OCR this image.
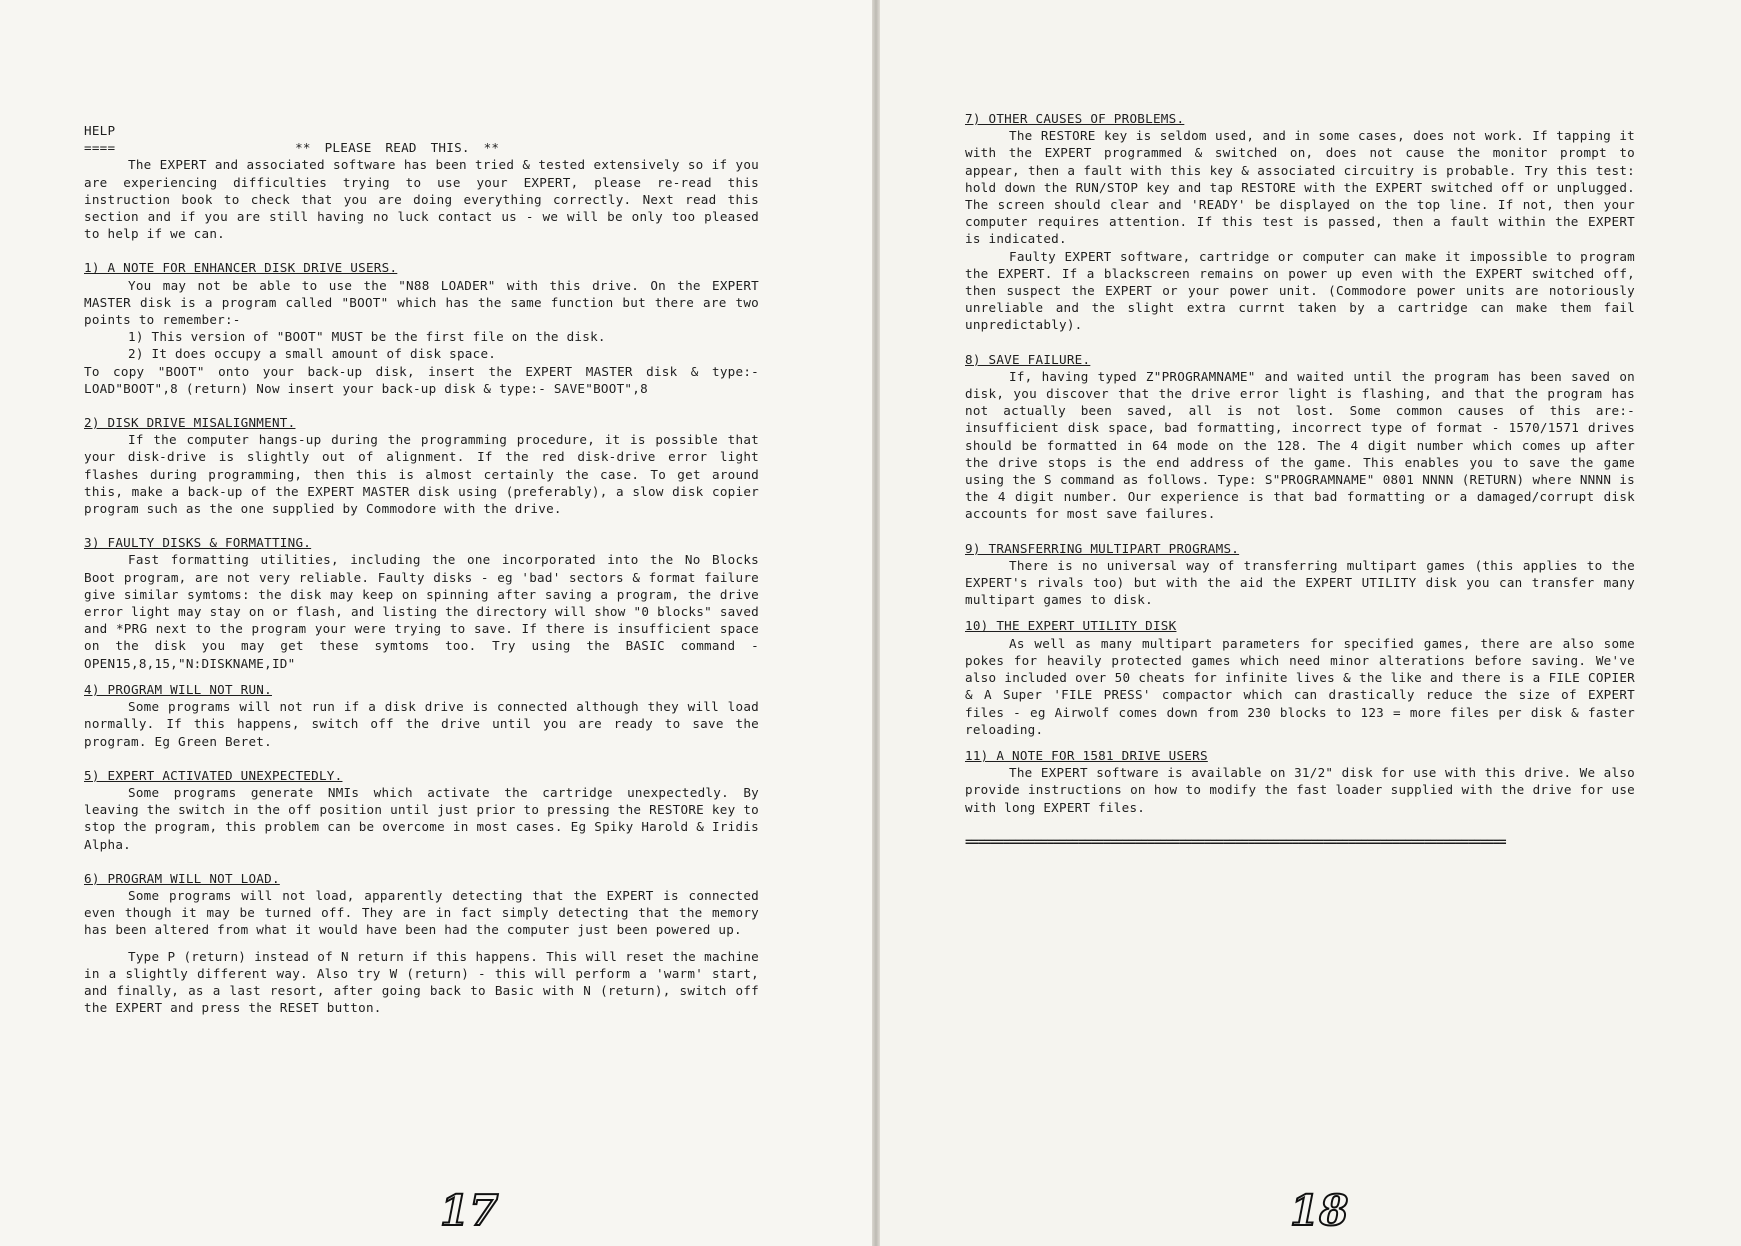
HELP

====	** PLEASE READ THIS. **

The EXPERT and associated software has been tried & tested extensively so if you are experiencing difficulties trying to use your EXPERT, please re-read this instruction book to check that you are doing everything correctly. Next read this section and if you are still having no luck contact us - we will be only too pleased to help if we can.

1) A NOTE FOR ENHANCER DISK DRIVE USERS.

You may not be able to use the "N88 LOADER" with this drive. On the EXPERT MASTER disk is a program called "BOOT" which has the same function but there are two points to remember:-

1) This version of "BOOT" MUST be the first file on the disk.

2) It does occupy a small amount of disk space.

To copy "BOOT" onto your back-up disk, insert the EXPERT MASTER disk & type:- LOAD"BOOT",8 (return) Now insert your back-up disk & type:- SAVE"BOOT",8

2) DISK DRIVE MISALIGNMENT.

If the computer hangs-up during the programming procedure, it is possible that your disk-drive is slightly out of alignment. If the red disk-drive error light flashes during programming, then this is almost certainly the case. To get around this, make a back-up of the EXPERT MASTER disk using (preferably), a slow disk copier program such as the one supplied by Commodore with the drive.

3) FAULTY DISKS & FORMATTING.

Fast formatting utilities, including the one incorporated into the No Blocks Boot program, are not very reliable. Faulty disks - eg 'bad' sectors & format failure give similar symtoms: the disk may keep on spinning after saving a program, the drive error light may stay on or flash, and listing the directory will show "0 blocks" saved and *PRG next to the program your were trying to save. If there is insufficient space on the disk you may get these symtoms too. Try using the BASIC command - OPEN15,8,15,"N:DISKNAME,ID"

4) PROGRAM WILL NOT RUN.

Some programs will not run if a disk drive is connected although they will load normally. If this happens, switch off the drive until you are ready to save the program. Eg Green Beret.

5) EXPERT ACTIVATED UNEXPECTEDLY.

Some programs generate NMIs which activate the cartridge unexpectedly. By leaving the switch in the off position until just prior to pressing the RESTORE key to stop the program, this problem can be overcome in most cases. Eg Spiky Harold & Iridis Alpha.

6) PROGRAM WILL NOT LOAD.

Some programs will not load, apparently detecting that the EXPERT is connected even though it may be turned off. They are in fact simply detecting that the memory has been altered from what it would have been had the computer just been powered up.

Type P (return) instead of N return if this happens. This will reset the machine in a slightly different way. Also try W (return) - this will perform a 'warm' start, and finally, as a last resort, after going back to Basic with N (return), switch off the EXPERT and press the RESET button.

17

7) OTHER CAUSES OF PROBLEMS.

The RESTORE key is seldom used, and in some cases, does not work. If tapping it with the EXPERT programmed & switched on, does not cause the monitor prompt to appear, then a fault with this key & associated circuitry is probable. Try this test: hold down the RUN/STOP key and tap RESTORE with the EXPERT switched off or unplugged. The screen should clear and 'READY' be displayed on the top line. If not, then your computer requires attention. If this test is passed, then a fault within the EXPERT is indicated.

Faulty EXPERT software, cartridge or computer can make it impossible to program the EXPERT. If a blackscreen remains on power up even with the EXPERT switched off, then suspect the EXPERT or your power unit. (Commodore power units are notoriously unreliable and the slight extra currnt taken by a cartridge can make them fail unpredictably).

8) SAVE FAILURE.

If, having typed Z"PROGRAMNAME" and waited until the program has been saved on disk, you discover that the drive error light is flashing, and that the program has not actually been saved, all is not lost. Some common causes of this are:- insufficient disk space, bad formatting, incorrect type of format - 1570/1571 drives should be formatted in 64 mode on the 128. The 4 digit number which comes up after the drive stops is the end address of the game. This enables you to save the game using the S command as follows. Type: S"PROGRAMNAME" 0801 NNNN (RETURN) where NNNN is the 4 digit number. Our experience is that bad formatting or a damaged/corrupt disk accounts for most save failures.

9) TRANSFERRING MULTIPART PROGRAMS.

There is no universal way of transferring multipart games (this applies to the EXPERT's rivals too) but with the aid the EXPERT UTILITY disk you can transfer many multipart games to disk.

10) THE EXPERT UTILITY DISK

As well as many multipart parameters for specified games, there are also some pokes for heavily protected games which need minor alterations before saving. We've also included over 50 cheats for infinite lives & the like and there is a FILE COPIER & A Super 'FILE PRESS' compactor which can drastically reduce the size of EXPERT files - eg Airwolf comes down from 230 blocks to 123 = more files per disk & faster reloading.

11) A NOTE FOR 1581 DRIVE USERS

The EXPERT software is available on 31/2" disk for use with this drive. We also provide instructions on how to modify the fast loader supplied with the drive for use with long EXPERT files.

======================================================================================

18
